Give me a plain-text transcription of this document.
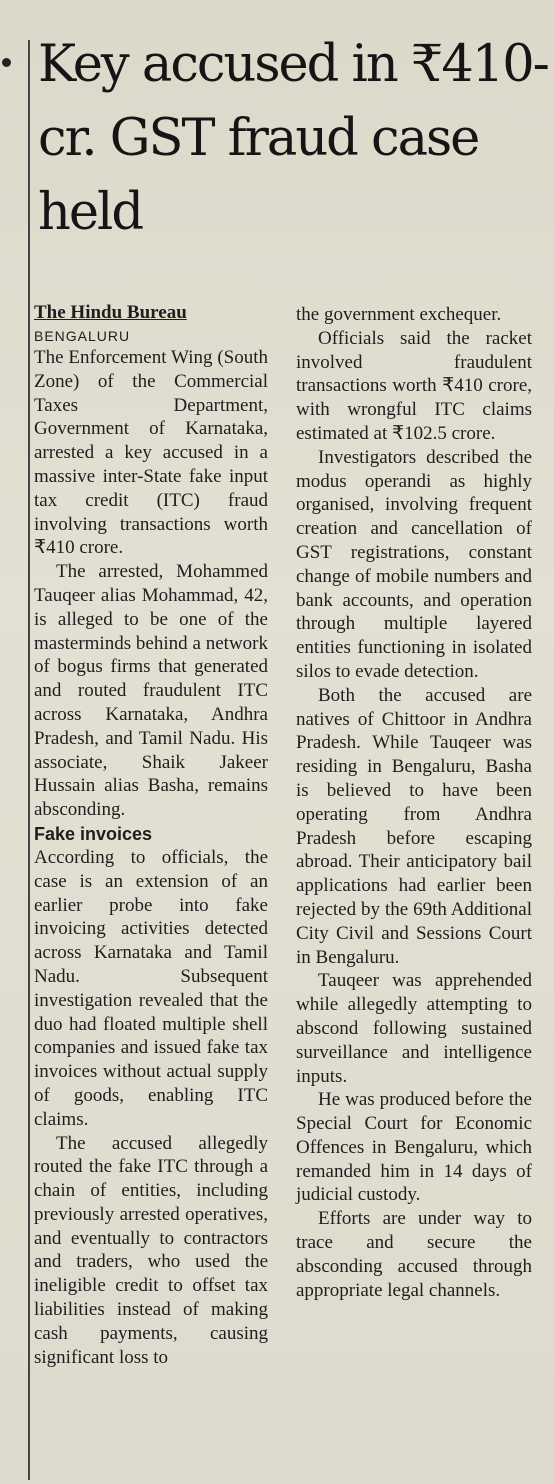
Key accused in ₹410-cr. GST fraud case held

The Hindu Bureau

BENGALURU

The Enforcement Wing (South Zone) of the Commercial Taxes Department, Government of Karnataka, arrested a key accused in a massive inter-State fake input tax credit (ITC) fraud involving transactions worth ₹410 crore.

The arrested, Mohammed Tauqeer alias Mohammad, 42, is alleged to be one of the masterminds behind a network of bogus firms that generated and routed fraudulent ITC across Karnataka, Andhra Pradesh, and Tamil Nadu. His associate, Shaik Jakeer Hussain alias Basha, remains absconding.

Fake invoices

According to officials, the case is an extension of an earlier probe into fake invoicing activities detected across Karnataka and Tamil Nadu. Subsequent investigation revealed that the duo had floated multiple shell companies and issued fake tax invoices without actual supply of goods, enabling ITC claims.

The accused allegedly routed the fake ITC through a chain of entities, including previously arrested operatives, and eventually to contractors and traders, who used the ineligible credit to offset tax liabilities instead of making cash payments, causing significant loss to

the government exchequer.

Officials said the racket involved fraudulent transactions worth ₹410 crore, with wrongful ITC claims estimated at ₹102.5 crore.

Investigators described the modus operandi as highly organised, involving frequent creation and cancellation of GST registrations, constant change of mobile numbers and bank accounts, and operation through multiple layered entities functioning in isolated silos to evade detection.

Both the accused are natives of Chittoor in Andhra Pradesh. While Tauqeer was residing in Bengaluru, Basha is believed to have been operating from Andhra Pradesh before escaping abroad. Their anticipatory bail applications had earlier been rejected by the 69th Additional City Civil and Sessions Court in Bengaluru.

Tauqeer was apprehended while allegedly attempting to abscond following sustained surveillance and intelligence inputs.

He was produced before the Special Court for Economic Offences in Bengaluru, which remanded him in 14 days of judicial custody.

Efforts are under way to trace and secure the absconding accused through appropriate legal channels.
